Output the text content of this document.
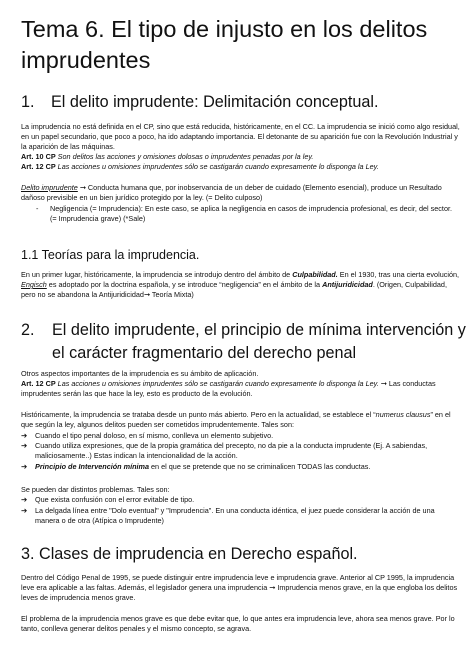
Tema 6. El tipo de injusto en los delitos imprudentes
1. El delito imprudente: Delimitación conceptual.

La imprudencia no está definida en el CP, sino que está reducida, históricamente, en el CC. La imprudencia se inició como algo residual, en un papel secundario, que poco a poco, ha ido adaptando importancia. El detonante de su aparición fue con la Revolución Industrial y la aparición de las máquinas.

Art. 10 CP Son delitos las acciones y omisiones dolosas o imprudentes penadas por la ley.

Art. 12 CP Las acciones u omisiones imprudentes sólo se castigarán cuando expresamente lo disponga la Ley.

Delito imprudente ➞ Conducta humana que, por inobservancia de un deber de cuidado (Elemento esencial), produce un Resultado dañoso previsible en un bien jurídico protegido por la ley. (= Delito culposo)

- Negligencia (= Imprudencia): En este caso, se aplica la negligencia en casos de imprudencia profesional, es decir, del sector. (= Imprudencia grave) (*Sale)
1.1 Teorías para la imprudencia.

En un primer lugar, históricamente, la imprudencia se introdujo dentro del ámbito de Culpabilidad. En el 1930, tras una cierta evolución, Engisch es adoptado por la doctrina española, y se introduce “negligencia” en el ámbito de la Antijuridicidad. (Origen, Culpabilidad, pero no se abandona la Antijuridicidad➞ Teoría Mixta)

2. El delito imprudente, el principio de mínima intervención y el carácter fragmentario del derecho penal

Otros aspectos importantes de la imprudencia es su ámbito de aplicación.

Art. 12 CP Las acciones u omisiones imprudentes sólo se castigarán cuando expresamente lo disponga la Ley. ➞ Las conductas imprudentes serán las que hace la ley, esto es producto de la evolución.

Históricamente, la imprudencia se trataba desde un punto más abierto. Pero en la actualidad, se establece el “numerus clausus” en el que según la ley, algunos delitos pueden ser cometidos imprudentemente. Tales son:

➔ Cuando el tipo penal doloso, en sí mismo, conlleva un elemento subjetivo.
➔ Cuando utiliza expresiones, que de la propia gramática del precepto, no da pie a la conducta imprudente (Ej. A sabiendas, maliciosamente..) Estas indican la intencionalidad de la acción.
➔ Principio de Intervención mínima en el que se pretende que no se criminalicen TODAS las conductas.

Se pueden dar distintos problemas. Tales son:

➔ Que exista confusión con el error evitable de tipo.
➔ La delgada línea entre "Dolo eventual" y "Imprudencia". En una conducta idéntica, el juez puede considerar la acción de una manera o de otra (Atípica o Imprudente)
3. Clases de imprudencia en Derecho español.

Dentro del Código Penal de 1995, se puede distinguir entre imprudencia leve e imprudencia grave. Anterior al CP 1995, la imprudencia leve era aplicable a las faltas. Además, el legislador genera una imprudencia ➞ Imprudencia menos grave, en la que engloba los delitos leves de imprudencia menos grave.

El problema de la imprudencia menos grave es que debe evitar que, lo que antes era imprudencia leve, ahora sea menos grave. Por lo tanto, conlleva generar delitos penales y el mismo concepto, se agrava.
